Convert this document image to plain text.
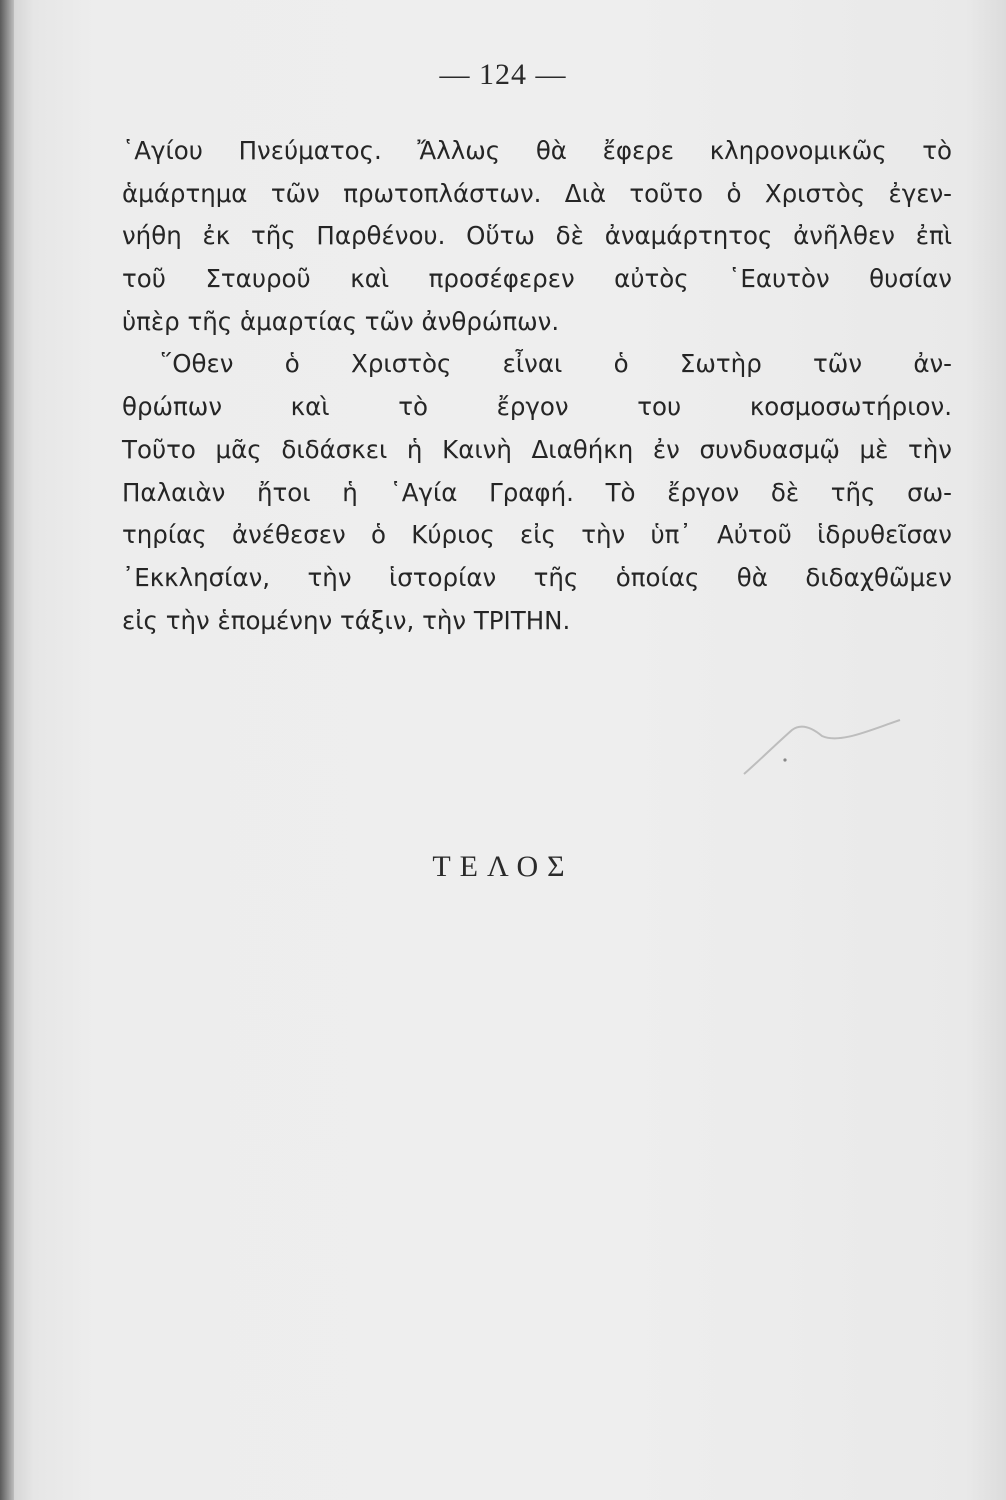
— 124 —
῾Αγίου Πνεύματος. Ἄλλως θὰ ἔφερε κληρονομικῶς τὸ
ἁμάρτημα τῶν πρωτοπλάστων. Διὰ τοῦτο ὁ Χριστὸς ἐγεν-
νήθη ἐκ τῆς Παρθένου. Οὕτω δὲ ἀναμάρτητος ἀνῆλθεν ἐπὶ
τοῦ Σταυροῦ καὶ προσέφερεν αὐτὸς ῾Εαυτὸν θυσίαν
ὑπὲρ τῆς ἁμαρτίας τῶν ἀνθρώπων.
῞Οθεν ὁ Χριστὸς εἶναι ὁ Σωτὴρ τῶν ἀν-
θρώπων καὶ τὸ ἔργον του κοσμοσωτήριον.
Τοῦτο μᾶς διδάσκει ἡ Καινὴ Διαθήκη ἐν συνδυασμῷ μὲ τὴν
Παλαιὰν ἤτοι ἡ ῾Αγία Γραφή. Τὸ ἔργον δὲ τῆς σω-
τηρίας ἀνέθεσεν ὁ Κύριος εἰς τὴν ὑπ᾽ Αὐτοῦ ἱδρυθεῖσαν
᾽Εκκλησίαν, τὴν ἱστορίαν τῆς ὁποίας θὰ διδαχθῶμεν
εἰς τὴν ἑπομένην τάξιν, τὴν ΤΡΙΤΗΝ.
ΤΕΛΟΣ
